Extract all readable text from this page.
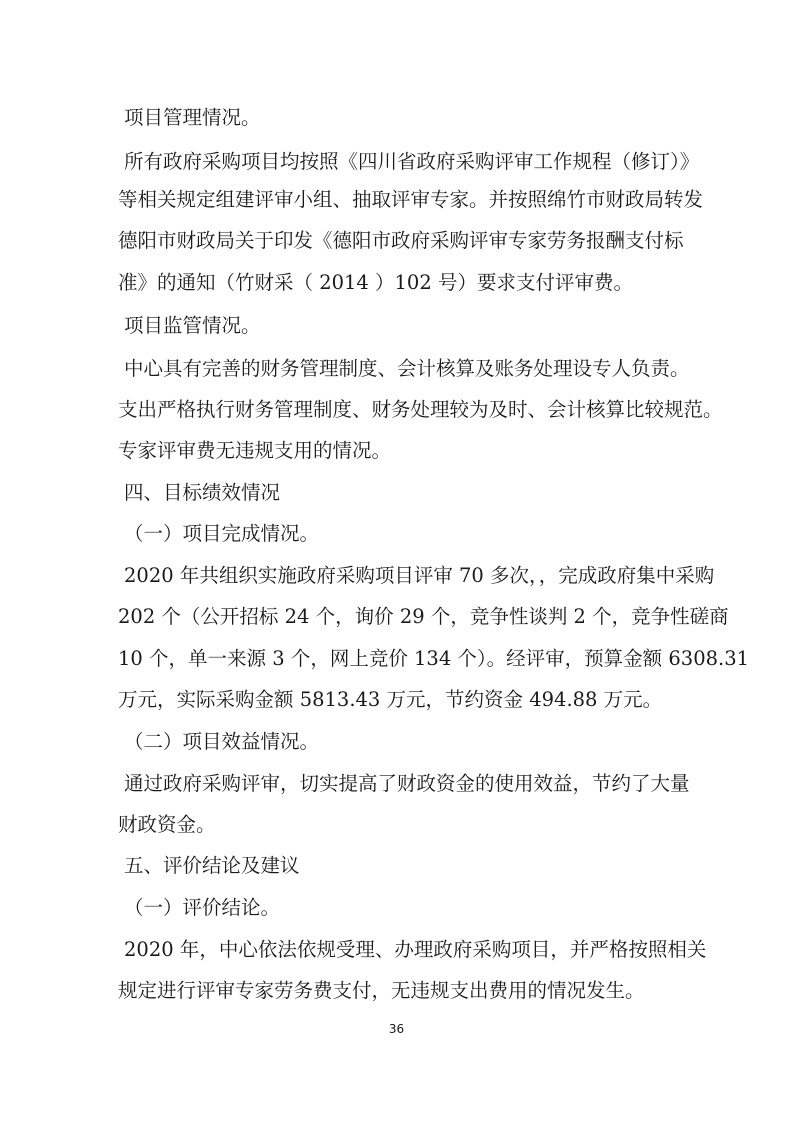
项目管理情况。

所有政府采购项目均按照《四川省政府采购评审工作规程（修订）》

等相关规定组建评审小组、抽取评审专家。并按照绵竹市财政局转发

德阳市财政局关于印发《德阳市政府采购评审专家劳务报酬支付标

准》的通知（竹财采（ 2014 ）102 号）要求支付评审费。

项目监管情况。

中心具有完善的财务管理制度、会计核算及账务处理设专人负责。

支出严格执行财务管理制度、财务处理较为及时、会计核算比较规范。

专家评审费无违规支用的情况。

四、目标绩效情况

（一）项目完成情况。

2020 年共组织实施政府采购项目评审 70 多次，，完成政府集中采购

202 个（公开招标 24 个，询价 29 个，竞争性谈判 2 个，竞争性磋商

10 个，单一来源 3 个，网上竞价 134 个）。经评审，预算金额 6308.31

万元，实际采购金额 5813.43 万元，节约资金 494.88 万元。

（二）项目效益情况。

通过政府采购评审，切实提高了财政资金的使用效益，节约了大量

财政资金。

五、评价结论及建议

（一）评价结论。

2020 年，中心依法依规受理、办理政府采购项目，并严格按照相关

规定进行评审专家劳务费支付，无违规支出费用的情况发生。

36
